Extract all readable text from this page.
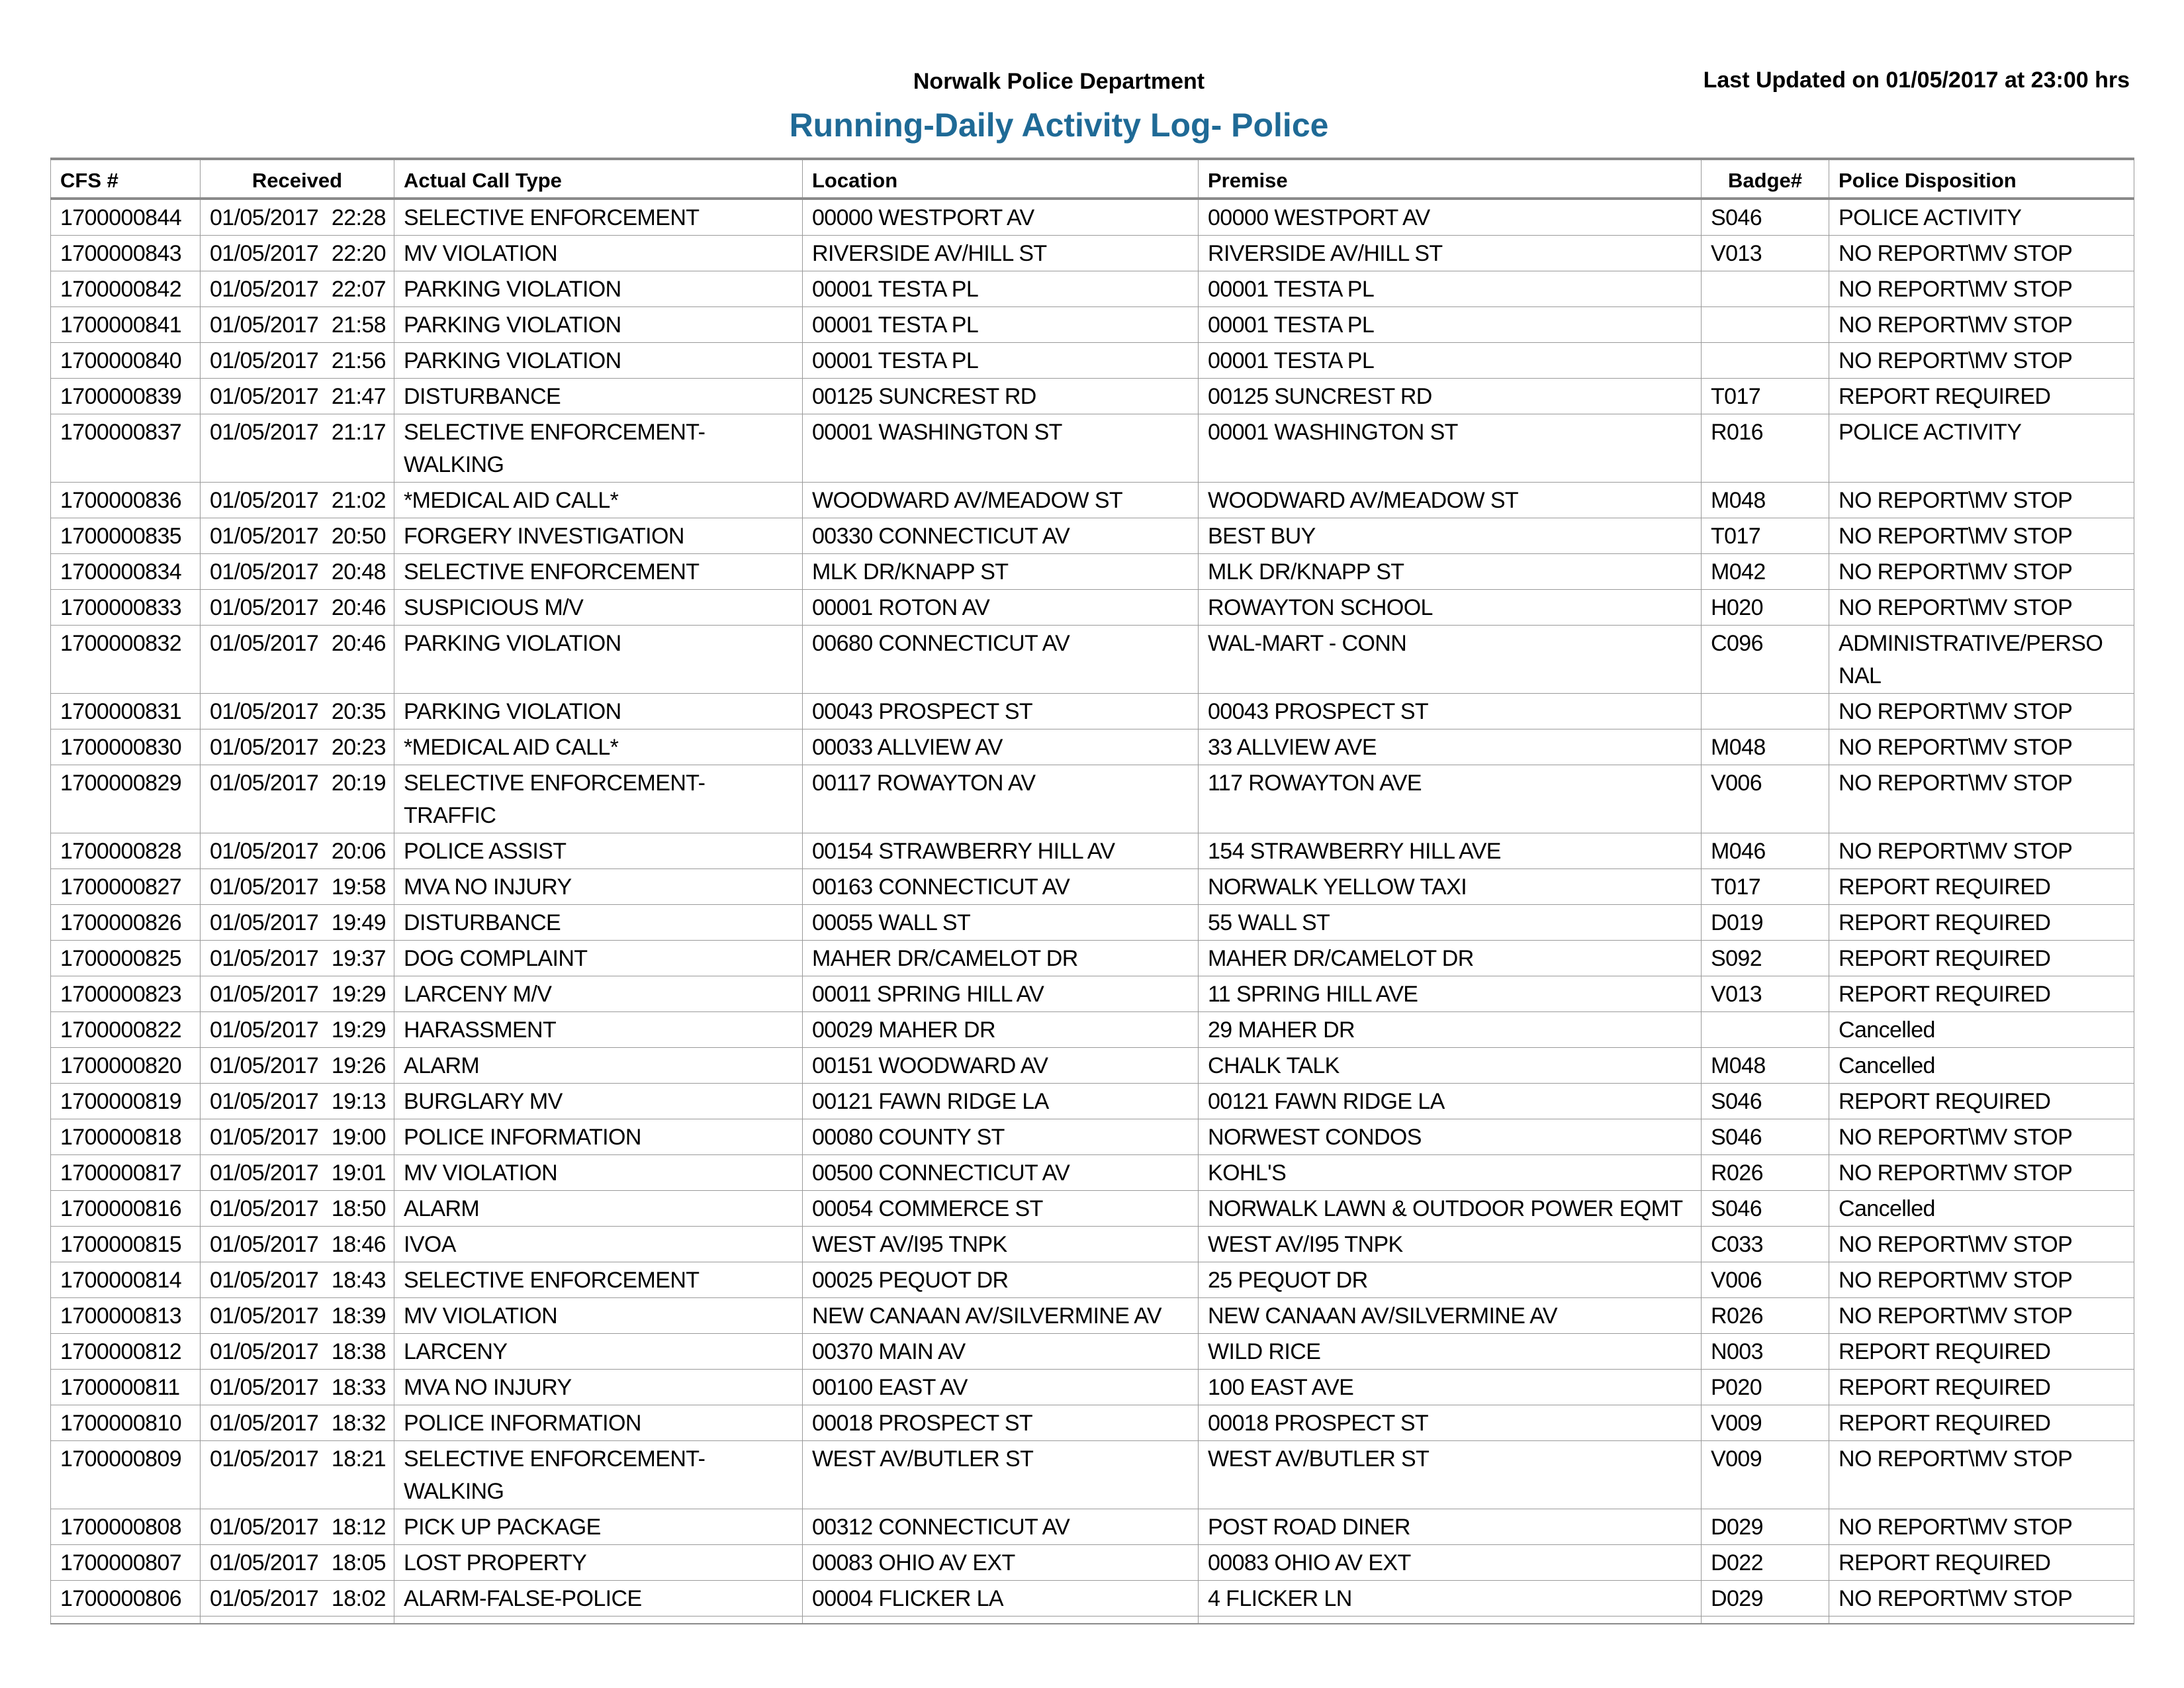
Norwalk Police Department	Last Updated on 01/05/2017 at 23:00 hrs
Running-Daily Activity Log- Police
CFS #	Received	Actual Call Type	Location	Premise	Badge#	Police Disposition
1700000844	01/05/2017 22:28	SELECTIVE ENFORCEMENT	00000 WESTPORT AV	00000 WESTPORT AV	S046	POLICE ACTIVITY
1700000843	01/05/2017 22:20	MV VIOLATION	RIVERSIDE AV/HILL ST	RIVERSIDE AV/HILL ST	V013	NO REPORT\MV STOP
1700000842	01/05/2017 22:07	PARKING VIOLATION	00001 TESTA PL	00001 TESTA PL		NO REPORT\MV STOP
1700000841	01/05/2017 21:58	PARKING VIOLATION	00001 TESTA PL	00001 TESTA PL		NO REPORT\MV STOP
1700000840	01/05/2017 21:56	PARKING VIOLATION	00001 TESTA PL	00001 TESTA PL		NO REPORT\MV STOP
1700000839	01/05/2017 21:47	DISTURBANCE	00125 SUNCREST RD	00125 SUNCREST RD	T017	REPORT REQUIRED
1700000837	01/05/2017 21:17	SELECTIVE ENFORCEMENT-WALKING	00001 WASHINGTON ST	00001 WASHINGTON ST	R016	POLICE ACTIVITY
1700000836	01/05/2017 21:02	*MEDICAL AID CALL*	WOODWARD AV/MEADOW ST	WOODWARD AV/MEADOW ST	M048	NO REPORT\MV STOP
1700000835	01/05/2017 20:50	FORGERY INVESTIGATION	00330 CONNECTICUT AV	BEST BUY	T017	NO REPORT\MV STOP
1700000834	01/05/2017 20:48	SELECTIVE ENFORCEMENT	MLK DR/KNAPP ST	MLK DR/KNAPP ST	M042	NO REPORT\MV STOP
1700000833	01/05/2017 20:46	SUSPICIOUS M/V	00001 ROTON AV	ROWAYTON SCHOOL	H020	NO REPORT\MV STOP
1700000832	01/05/2017 20:46	PARKING VIOLATION	00680 CONNECTICUT AV	WAL-MART - CONN	C096	ADMINISTRATIVE/PERSO NAL
1700000831	01/05/2017 20:35	PARKING VIOLATION	00043 PROSPECT ST	00043 PROSPECT ST		NO REPORT\MV STOP
1700000830	01/05/2017 20:23	*MEDICAL AID CALL*	00033 ALLVIEW AV	33 ALLVIEW AVE	M048	NO REPORT\MV STOP
1700000829	01/05/2017 20:19	SELECTIVE ENFORCEMENT-TRAFFIC	00117 ROWAYTON AV	117 ROWAYTON AVE	V006	NO REPORT\MV STOP
1700000828	01/05/2017 20:06	POLICE ASSIST	00154 STRAWBERRY HILL AV	154 STRAWBERRY HILL AVE	M046	NO REPORT\MV STOP
1700000827	01/05/2017 19:58	MVA NO INJURY	00163 CONNECTICUT AV	NORWALK YELLOW TAXI	T017	REPORT REQUIRED
1700000826	01/05/2017 19:49	DISTURBANCE	00055 WALL ST	55 WALL ST	D019	REPORT REQUIRED
1700000825	01/05/2017 19:37	DOG COMPLAINT	MAHER DR/CAMELOT DR	MAHER DR/CAMELOT DR	S092	REPORT REQUIRED
1700000823	01/05/2017 19:29	LARCENY M/V	00011 SPRING HILL AV	11 SPRING HILL AVE	V013	REPORT REQUIRED
1700000822	01/05/2017 19:29	HARASSMENT	00029 MAHER DR	29 MAHER DR		Cancelled
1700000820	01/05/2017 19:26	ALARM	00151 WOODWARD AV	CHALK TALK	M048	Cancelled
1700000819	01/05/2017 19:13	BURGLARY MV	00121 FAWN RIDGE LA	00121 FAWN RIDGE LA	S046	REPORT REQUIRED
1700000818	01/05/2017 19:00	POLICE INFORMATION	00080 COUNTY ST	NORWEST CONDOS	S046	NO REPORT\MV STOP
1700000817	01/05/2017 19:01	MV VIOLATION	00500 CONNECTICUT AV	KOHL'S	R026	NO REPORT\MV STOP
1700000816	01/05/2017 18:50	ALARM	00054 COMMERCE ST	NORWALK LAWN & OUTDOOR POWER EQMT	S046	Cancelled
1700000815	01/05/2017 18:46	IVOA	WEST AV/I95 TNPK	WEST AV/I95 TNPK	C033	NO REPORT\MV STOP
1700000814	01/05/2017 18:43	SELECTIVE ENFORCEMENT	00025 PEQUOT DR	25 PEQUOT DR	V006	NO REPORT\MV STOP
1700000813	01/05/2017 18:39	MV VIOLATION	NEW CANAAN AV/SILVERMINE AV	NEW CANAAN AV/SILVERMINE AV	R026	NO REPORT\MV STOP
1700000812	01/05/2017 18:38	LARCENY	00370 MAIN AV	WILD RICE	N003	REPORT REQUIRED
1700000811	01/05/2017 18:33	MVA NO INJURY	00100 EAST AV	100 EAST AVE	P020	REPORT REQUIRED
1700000810	01/05/2017 18:32	POLICE INFORMATION	00018 PROSPECT ST	00018 PROSPECT ST	V009	REPORT REQUIRED
1700000809	01/05/2017 18:21	SELECTIVE ENFORCEMENT-WALKING	WEST AV/BUTLER ST	WEST AV/BUTLER ST	V009	NO REPORT\MV STOP
1700000808	01/05/2017 18:12	PICK UP PACKAGE	00312 CONNECTICUT AV	POST ROAD DINER	D029	NO REPORT\MV STOP
1700000807	01/05/2017 18:05	LOST PROPERTY	00083 OHIO AV EXT	00083 OHIO AV EXT	D022	REPORT REQUIRED
1700000806	01/05/2017 18:02	ALARM-FALSE-POLICE	00004 FLICKER LA	4 FLICKER LN	D029	NO REPORT\MV STOP
